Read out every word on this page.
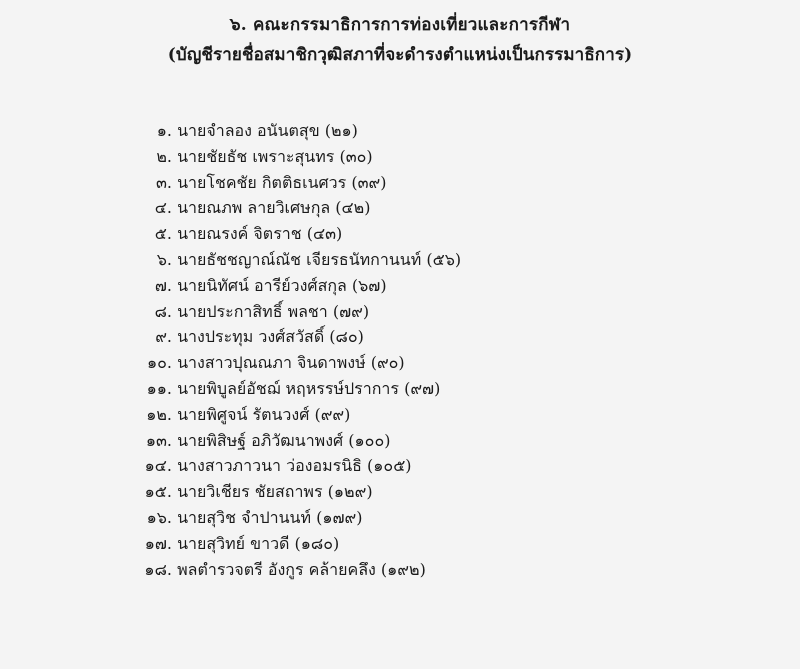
๖. คณะกรรมาธิการการท่องเที่ยวและการกีฬา
(บัญชีรายชื่อสมาชิกวุฒิสภาที่จะดำรงตำแหน่งเป็นกรรมาธิการ)
๑. นายจำลอง อนันตสุข (๒๑)
๒. นายชัยธัช เพราะสุนทร (๓๐)
๓. นายโชคชัย กิตติธเนศวร (๓๙)
๔. นายณภพ ลายวิเศษกุล (๔๒)
๕. นายณรงค์ จิตราช (๔๓)
๖. นายธัชชญาณ์ณัช เจียรธนัทกานนท์ (๕๖)
๗. นายนิทัศน์ อารีย์วงศ์สกุล (๖๗)
๘. นายประกาสิทธิ์ พลชา (๗๙)
๙. นางประทุม วงศ์สวัสดิ์ (๘๐)
๑๐. นางสาวปุณณภา จินดาพงษ์ (๙๐)
๑๑. นายพิบูลย์อัชฌ์ หฤหรรษ์ปราการ (๙๗)
๑๒. นายพิศูจน์ รัตนวงศ์ (๙๙)
๑๓. นายพิสิษฐ์ อภิวัฒนาพงศ์ (๑๐๐)
๑๔. นางสาวภาวนา ว่องอมรนิธิ (๑๐๕)
๑๕. นายวิเชียร ชัยสถาพร (๑๒๙)
๑๖. นายสุวิช จำปานนท์ (๑๗๙)
๑๗. นายสุวิทย์ ขาวดี (๑๘๐)
๑๘. พลตำรวจตรี อังกูร คล้ายคลึง (๑๙๒)
